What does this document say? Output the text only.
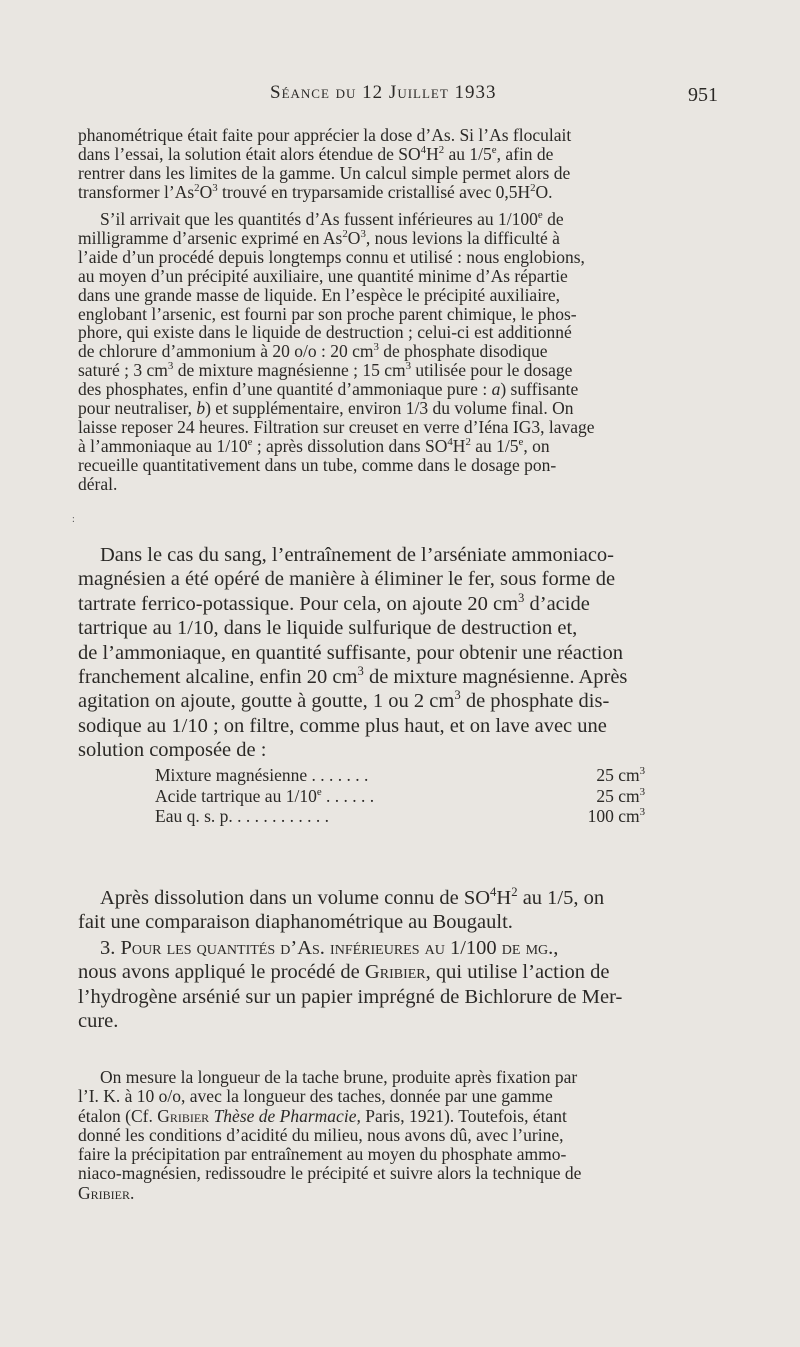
Séance du 12 Juillet 1933	951

phanométrique était faite pour apprécier la dose d’As. Si l’As floculait

dans l’essai, la solution était alors étendue de $SO^4H^2$ au 1/5e, afin de

rentrer dans les limites de la gamme. Un calcul simple permet alors de

transformer $l’As^2O^3$ trouvé en tryparsamide cristallisé avec $0,5H^2O$.

S’il arrivait que les quantités d’As fussent inférieures au 1/100e de

milligramme d’arsenic exprimé en $As^2O^3$, nous levions la difficulté à

l’aide d’un procédé depuis longtemps connu et utilisé : nous englobions,

au moyen d’un précipité auxiliaire, une quantité minime d’As répartie

dans une grande masse de liquide. En l’espèce le précipité auxiliaire,

englobant l’arsenic, est fourni par son proche parent chimique, le phos-

phore, qui existe dans le liquide de destruction ; celui-ci est additionné

de chlorure d’ammonium à 20 o/o : 20 $cm^3$ de phosphate disodique

saturé ; 3 $cm^3$ de mixture magnésienne ; 15 $cm^3$ utilisée pour le dosage

des phosphates, enfin d’une quantité d’ammoniaque pure : a) suffisante

pour neutraliser, b) et supplémentaire, environ 1/3 du volume final. On

laisse reposer 24 heures. Filtration sur creuset en verre d’Iéna IG3, lavage

à l’ammoniaque au 1/10e ; après dissolution dans $SO^4H^2$ au 1/5e, on

recueille quantitativement dans un tube, comme dans le dosage pon-

déral.

:

Dans le cas du sang, l’entraînement de l’arséniate ammoniaco-

magnésien a été opéré de manière à éliminer le fer, sous forme de

tartrate ferrico-potassique. Pour cela, on ajoute 20 $cm^3$ d’acide

tartrique au 1/10, dans le liquide sulfurique de destruction et,

de l’ammoniaque, en quantité suffisante, pour obtenir une réaction

franchement alcaline, enfin 20 $cm^3$ de mixture magnésienne. Après

agitation on ajoute, goutte à goutte, 1 ou 2 $cm^3$ de phosphate dis-

sodique au 1/10 ; on filtre, comme plus haut, et on lave avec une

solution composée de :

Mixture magnésienne . . . . . . .	25 $cm^3$
Acide tartrique au 1/10e . . . . . .	25 $cm^3$
Eau q. s. p. . . . . . . . . . . .	100 $cm^3$

Après dissolution dans un volume connu de $SO^4H^2$ au 1/5, on

fait une comparaison diaphanométrique au Bougault.

3. Pour les quantités d’As. inférieures au 1/100 de mg.,

nous avons appliqué le procédé de Gribier, qui utilise l’action de

l’hydrogène arsénié sur un papier imprégné de Bichlorure de Mer-

cure.

On mesure la longueur de la tache brune, produite après fixation par

l’I. K. à 10 o/o, avec la longueur des taches, donnée par une gamme

étalon (Cf. Gribier Thèse de Pharmacie, Paris, 1921). Toutefois, étant

donné les conditions d’acidité du milieu, nous avons dû, avec l’urine,

faire la précipitation par entraînement au moyen du phosphate ammo-

niaco-magnésien, redissoudre le précipité et suivre alors la technique de

Gribier.
